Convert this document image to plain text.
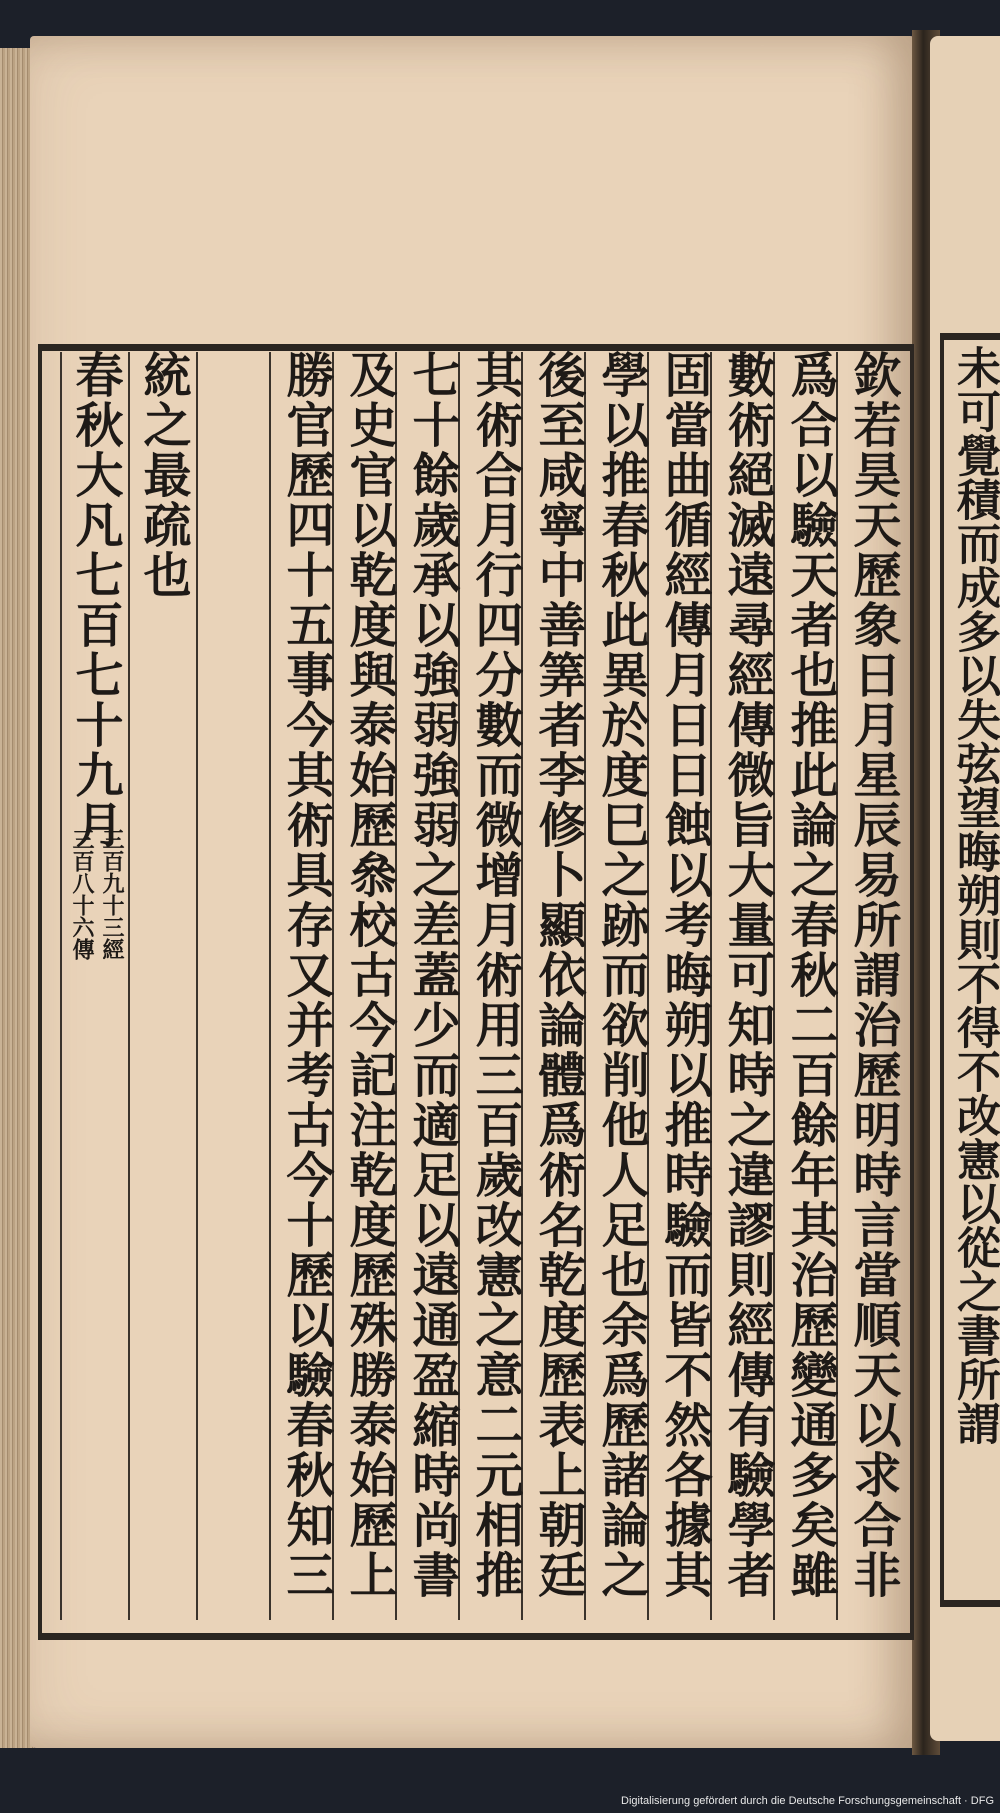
欽若昊天歷象日月星辰易所謂治歷明時言當順天以求合非
爲合以驗天者也推此論之春秋二百餘年其治歷變通多矣雖
數術絕滅遠尋經傳微旨大量可知時之違謬則經傳有驗學者
固當曲循經傳月日日蝕以考晦朔以推時驗而皆不然各據其
學以推春秋此異於度巳之跡而欲削他人足也余爲歷諸論之
後至咸寧中善筭者李修卜顯依論體爲術名乾度歷表上朝廷
其術合月行四分數而微增月術用三百歲改憲之意二元相推
七十餘歲承以強弱強弱之差蓋少而適足以遠通盈縮時尚書
及史官以乾度與泰始歷叅校古今記注乾度歷殊勝泰始歷上
勝官歷四十五事今其術具存又并考古今十歷以驗春秋知三
統之最疏也
春秋大凡七百七十九月
三百九十三經
三百八十六傳	未可覺積而成多以失弦望晦朔則不得不改憲以從之書所謂
Digitalisierung gefördert durch die Deutsche Forschungsgemeinschaft · DFG
